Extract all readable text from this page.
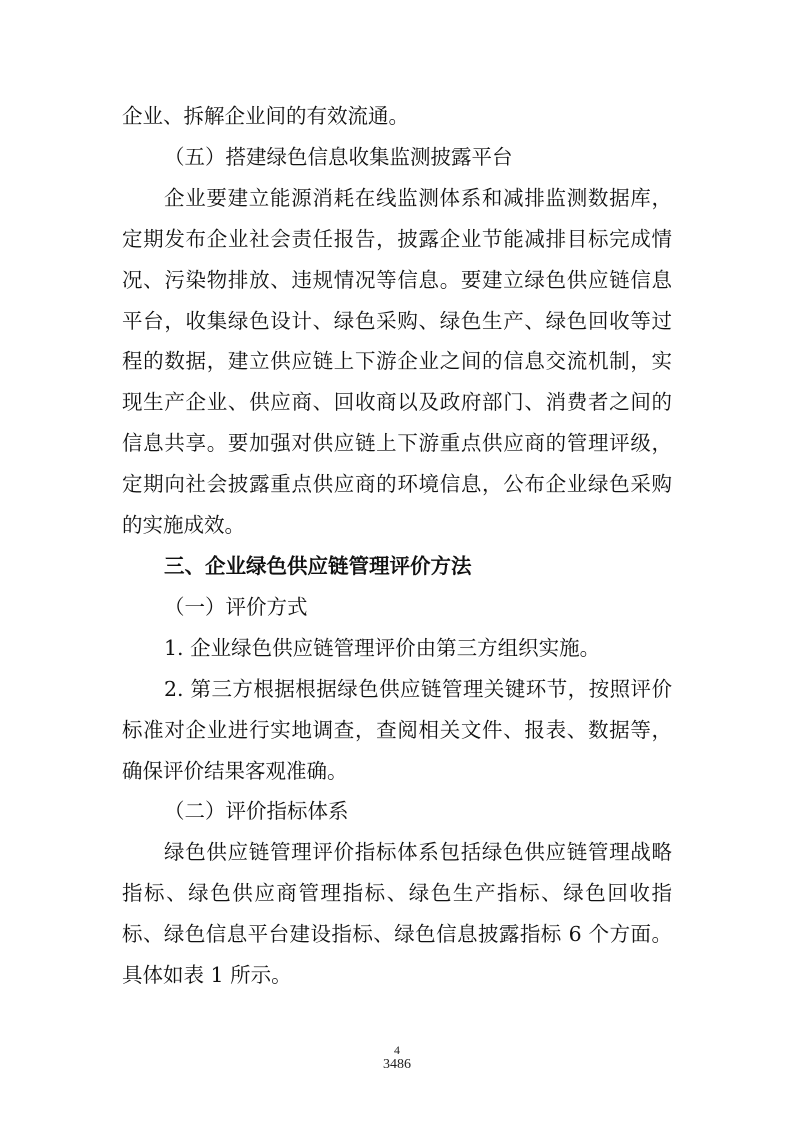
企业、拆解企业间的有效流通。

（五）搭建绿色信息收集监测披露平台

企业要建立能源消耗在线监测体系和减排监测数据库，定期发布企业社会责任报告，披露企业节能减排目标完成情况、污染物排放、违规情况等信息。要建立绿色供应链信息平台，收集绿色设计、绿色采购、绿色生产、绿色回收等过程的数据，建立供应链上下游企业之间的信息交流机制，实现生产企业、供应商、回收商以及政府部门、消费者之间的信息共享。要加强对供应链上下游重点供应商的管理评级，定期向社会披露重点供应商的环境信息，公布企业绿色采购的实施成效。

三、企业绿色供应链管理评价方法

（一）评价方式

1. 企业绿色供应链管理评价由第三方组织实施。

2. 第三方根据根据绿色供应链管理关键环节，按照评价标准对企业进行实地调查，查阅相关文件、报表、数据等，确保评价结果客观准确。

（二）评价指标体系

绿色供应链管理评价指标体系包括绿色供应链管理战略指标、绿色供应商管理指标、绿色生产指标、绿色回收指标、绿色信息平台建设指标、绿色信息披露指标 6 个方面。具体如表 1 所示。

4
3486
